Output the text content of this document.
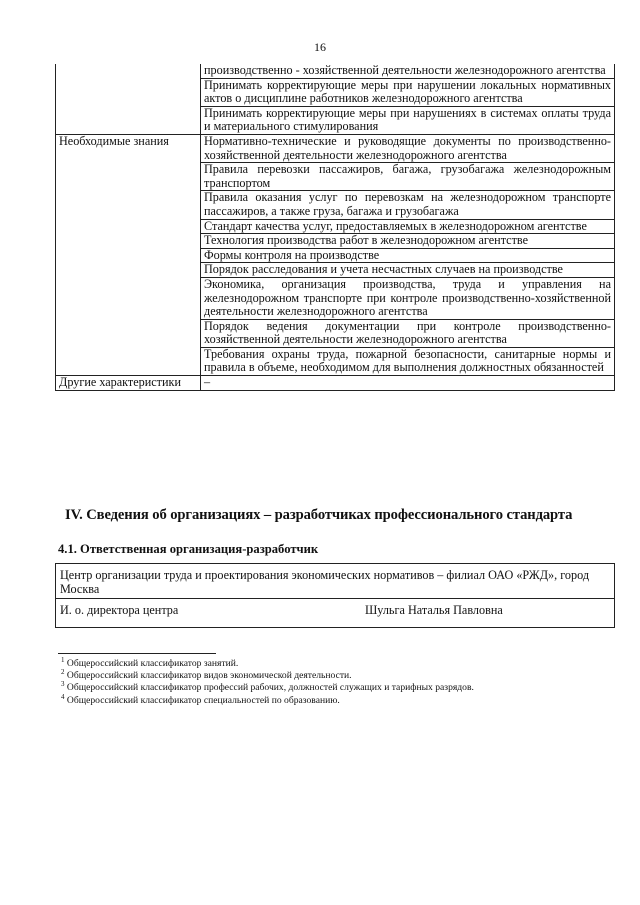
16
	производственно - хозяйственной деятельности железнодорожного агентства
	Принимать корректирующие меры при нарушении локальных нормативных актов о дисциплине работников железнодорожного агентства
	Принимать корректирующие меры при нарушениях в системах оплаты труда и материального стимулирования
Необходимые знания	Нормативно-технические и руководящие документы по производственно-хозяйственной деятельности железнодорожного агентства
	Правила перевозки пассажиров, багажа, грузобагажа железнодорожным транспортом
	Правила оказания услуг по перевозкам на железнодорожном транспорте пассажиров, а также груза, багажа и грузобагажа
	Стандарт качества услуг, предоставляемых в железнодорожном агентстве
	Технология производства работ в железнодорожном агентстве
	Формы контроля на производстве
	Порядок расследования и учета несчастных случаев на производстве
	Экономика, организация производства, труда и управления на железнодорожном транспорте при контроле производственно-хозяйственной деятельности железнодорожного агентства
	Порядок ведения документации при контроле производственно-хозяйственной деятельности железнодорожного агентства
	Требования охраны труда, пожарной безопасности, санитарные нормы и правила в объеме, необходимом для выполнения должностных обязанностей
Другие характеристики	–
IV. Сведения об организациях – разработчиках профессионального стандарта
4.1. Ответственная организация-разработчик
Центр организации труда и проектирования экономических нормативов – филиал ОАО «РЖД», город Москва
И. о. директора центра	Шульга Наталья Павловна
$^1$ Общероссийский классификатор занятий.
$^2$ Общероссийский классификатор видов экономической деятельности.
$^3$ Общероссийский классификатор профессий рабочих, должностей служащих и тарифных разрядов.
$^4$ Общероссийский классификатор специальностей по образованию.
